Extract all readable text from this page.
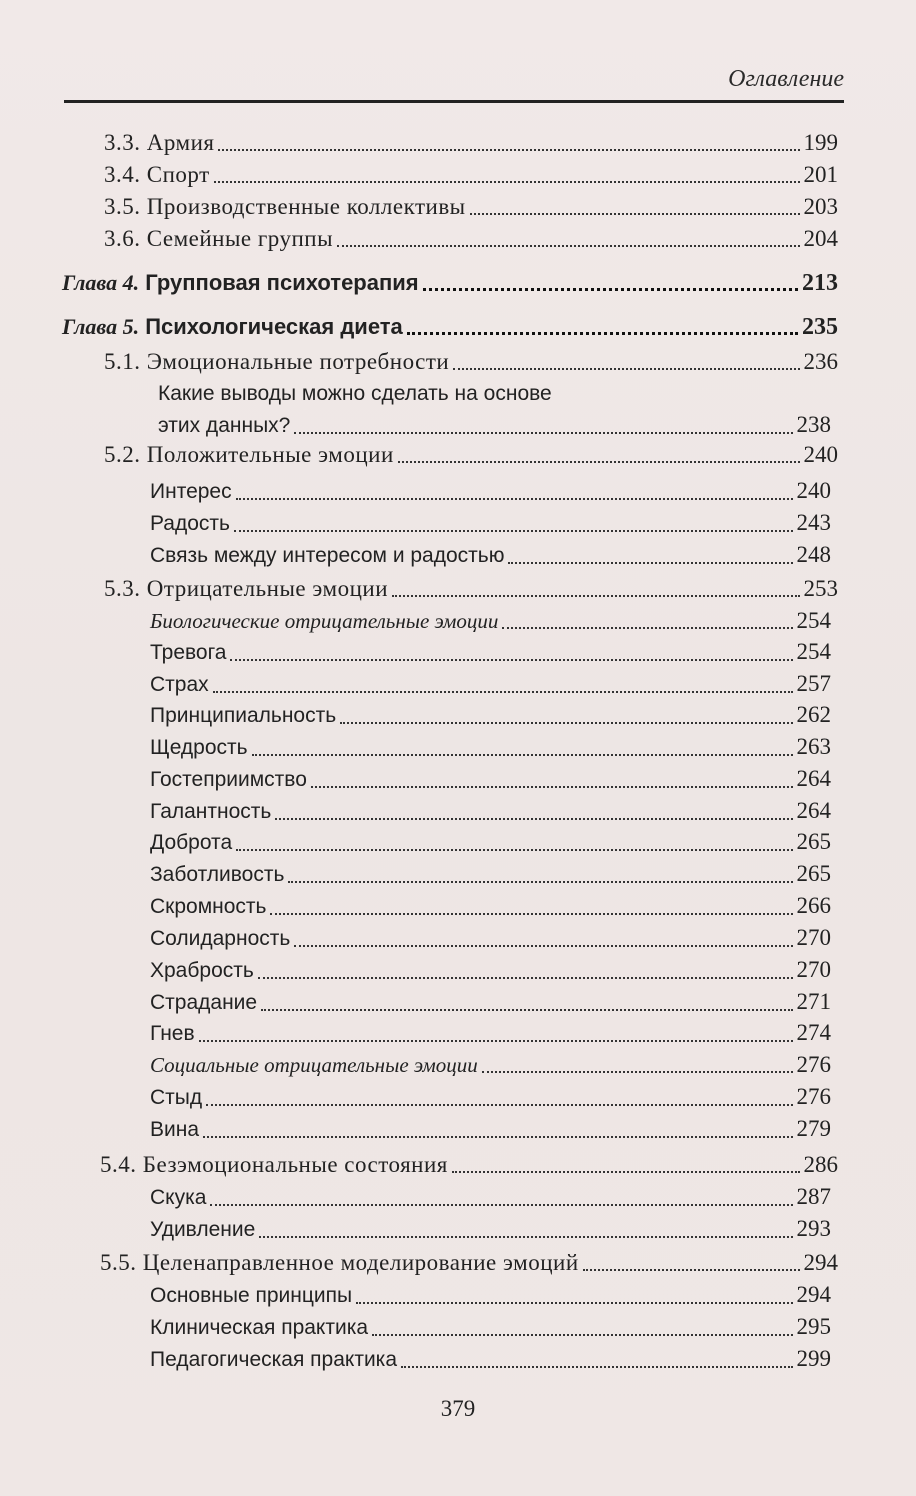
Оглавление
3.3. Армия	199
3.4. Спорт	201
3.5. Производственные коллективы	203
3.6. Семейные группы	204
Глава 4. Групповая психотерапия	213
Глава 5. Психологическая диета	235
5.1. Эмоциональные потребности	236
Какие выводы можно сделать на основе
этих данных?	238
5.2. Положительные эмоции	240
Интерес	240
Радость	243
Связь между интересом и радостью	248
5.3. Отрицательные эмоции	253
Биологические отрицательные эмоции	254
Тревога	254
Страх	257
Принципиальность	262
Щедрость	263
Гостеприимство	264
Галантность	264
Доброта	265
Заботливость	265
Скромность	266
Солидарность	270
Храбрость	270
Страдание	271
Гнев	274
Социальные отрицательные эмоции	276
Стыд	276
Вина	279
5.4. Безэмоциональные состояния	286
Скука	287
Удивление	293
5.5. Целенаправленное моделирование эмоций	294
Основные принципы	294
Клиническая практика	295
Педагогическая практика	299
379
